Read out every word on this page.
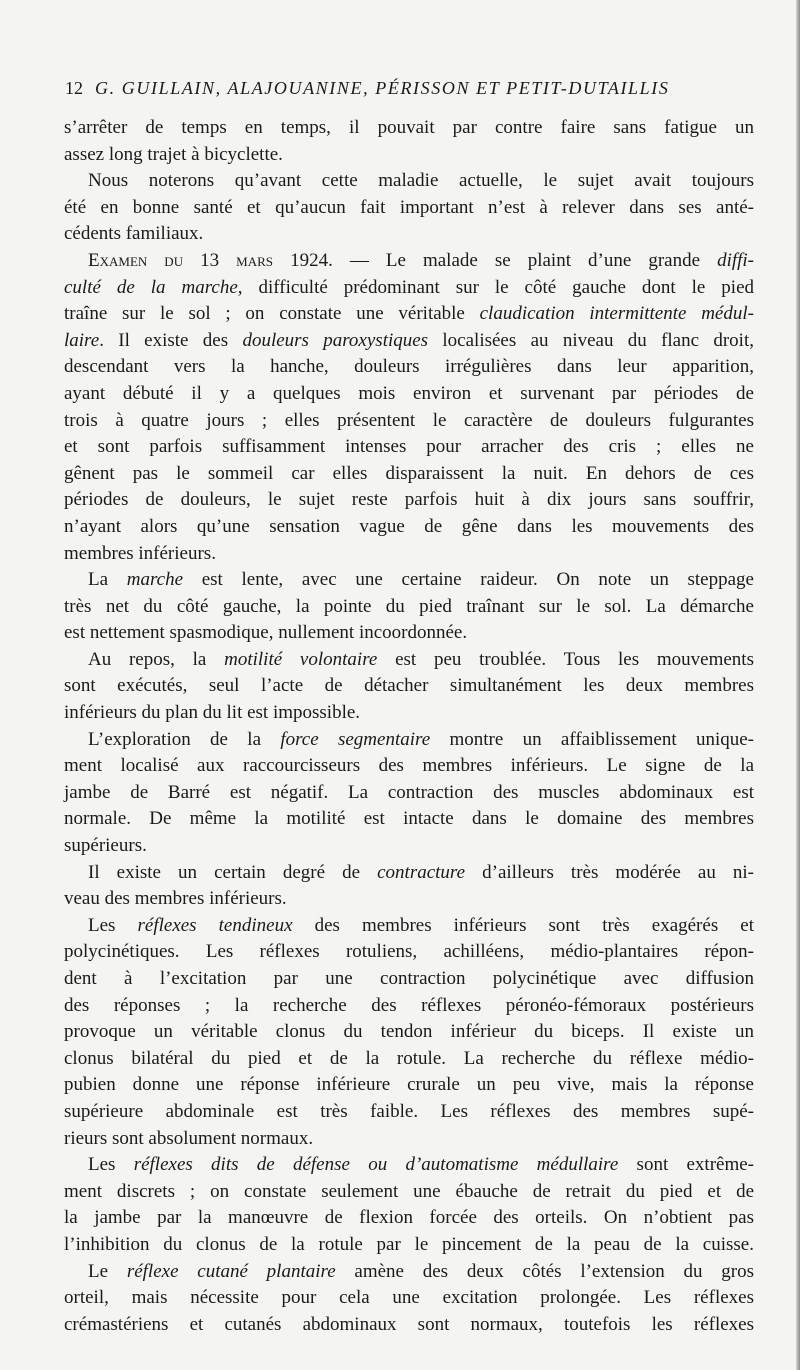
12 G. GUILLAIN, ALAJOUANINE, PÉRISSON ET PETIT-DUTAILLIS
s’arrêter de temps en temps, il pouvait par contre faire sans fatigue un
assez long trajet à bicyclette.
Nous noterons qu’avant cette maladie actuelle, le sujet avait toujours
été en bonne santé et qu’aucun fait important n’est à relever dans ses anté-
cédents familiaux.
Examen du 13 mars 1924. — Le malade se plaint d’une grande diffi-
culté de la marche, difficulté prédominant sur le côté gauche dont le pied
traîne sur le sol ; on constate une véritable claudication intermittente médul-
laire. Il existe des douleurs paroxystiques localisées au niveau du flanc droit,
descendant vers la hanche, douleurs irrégulières dans leur apparition,
ayant débuté il y a quelques mois environ et survenant par périodes de
trois à quatre jours ; elles présentent le caractère de douleurs fulgurantes
et sont parfois suffisamment intenses pour arracher des cris ; elles ne
gênent pas le sommeil car elles disparaissent la nuit. En dehors de ces
périodes de douleurs, le sujet reste parfois huit à dix jours sans souffrir,
n’ayant alors qu’une sensation vague de gêne dans les mouvements des
membres inférieurs.
La marche est lente, avec une certaine raideur. On note un steppage
très net du côté gauche, la pointe du pied traînant sur le sol. La démarche
est nettement spasmodique, nullement incoordonnée.
Au repos, la motilité volontaire est peu troublée. Tous les mouvements
sont exécutés, seul l’acte de détacher simultanément les deux membres
inférieurs du plan du lit est impossible.
L’exploration de la force segmentaire montre un affaiblissement unique-
ment localisé aux raccourcisseurs des membres inférieurs. Le signe de la
jambe de Barré est négatif. La contraction des muscles abdominaux est
normale. De même la motilité est intacte dans le domaine des membres
supérieurs.
Il existe un certain degré de contracture d’ailleurs très modérée au ni-
veau des membres inférieurs.
Les réflexes tendineux des membres inférieurs sont très exagérés et
polycinétiques. Les réflexes rotuliens, achilléens, médio-plantaires répon-
dent à l’excitation par une contraction polycinétique avec diffusion
des réponses ; la recherche des réflexes péronéo-fémoraux postérieurs
provoque un véritable clonus du tendon inférieur du biceps. Il existe un
clonus bilatéral du pied et de la rotule. La recherche du réflexe médio-
pubien donne une réponse inférieure crurale un peu vive, mais la réponse
supérieure abdominale est très faible. Les réflexes des membres supé-
rieurs sont absolument normaux.
Les réflexes dits de défense ou d’automatisme médullaire sont extrême-
ment discrets ; on constate seulement une ébauche de retrait du pied et de
la jambe par la manœuvre de flexion forcée des orteils. On n’obtient pas
l’inhibition du clonus de la rotule par le pincement de la peau de la cuisse.
Le réflexe cutané plantaire amène des deux côtés l’extension du gros
orteil, mais nécessite pour cela une excitation prolongée. Les réflexes
crémastériens et cutanés abdominaux sont normaux, toutefois les réflexes
